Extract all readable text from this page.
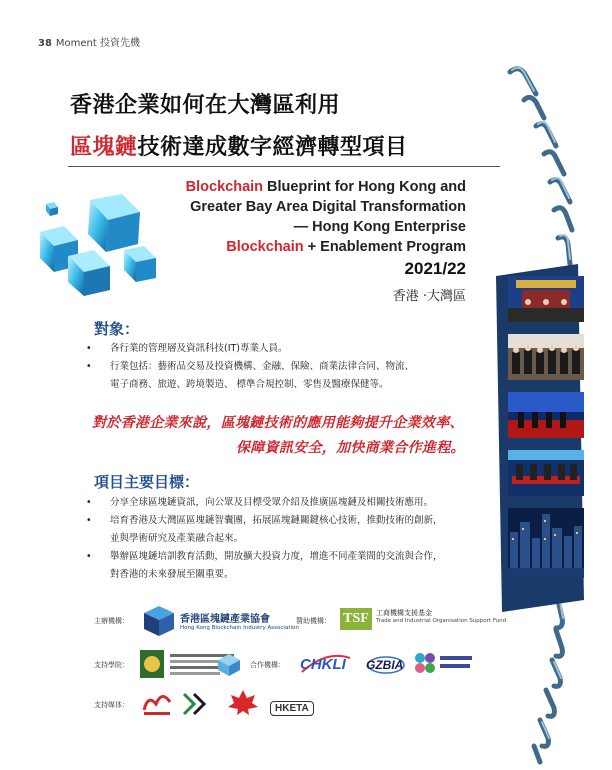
38 Moment 投資先機
香港企業如何在大灣區利用
區塊鏈技術達成數字經濟轉型項目
Blockchain Blueprint for Hong Kong and
Greater Bay Area Digital Transformation
— Hong Kong Enterprise
Blockchain + Enablement Program
2021/22
香港 ·大灣區
對象：
• 各行業的管理層及資訊科技(IT)專業人員。
• 行業包括：藝術品交易及投資機構、金融、保險、商業法律合同、物流、
電子商務、旅遊、跨境製造、 標準合規控制、零售及醫療保健等。
對於香港企業來說，區塊鏈技術的應用能夠提升企業效率、
保障資訊安全，加快商業合作進程。
項目主要目標：
• 分享全球區塊鏈資訊，向公眾及目標受眾介紹及推廣區塊鏈及相關技術應用。
• 培育香港及大灣區區塊鏈智囊團，拓展區塊鏈關鍵核心技術，推動技術的創新，
並與學術研究及產業融合起來。
• 舉辦區塊鏈培訓教育活動，開放擴大投資力度，增進不同產業間的交流與合作，
對香港的未來發展至關重要。
主辦機構：	香港區塊鏈產業協會
Hong Kong Blockchain Industry Association
贊助機構： TSF	工商機構支援基金
Trade and Industrial Organisation Support Fund
支持學院：	合作機構： CHKLI GZBIA
支持媒体：	HKETA
